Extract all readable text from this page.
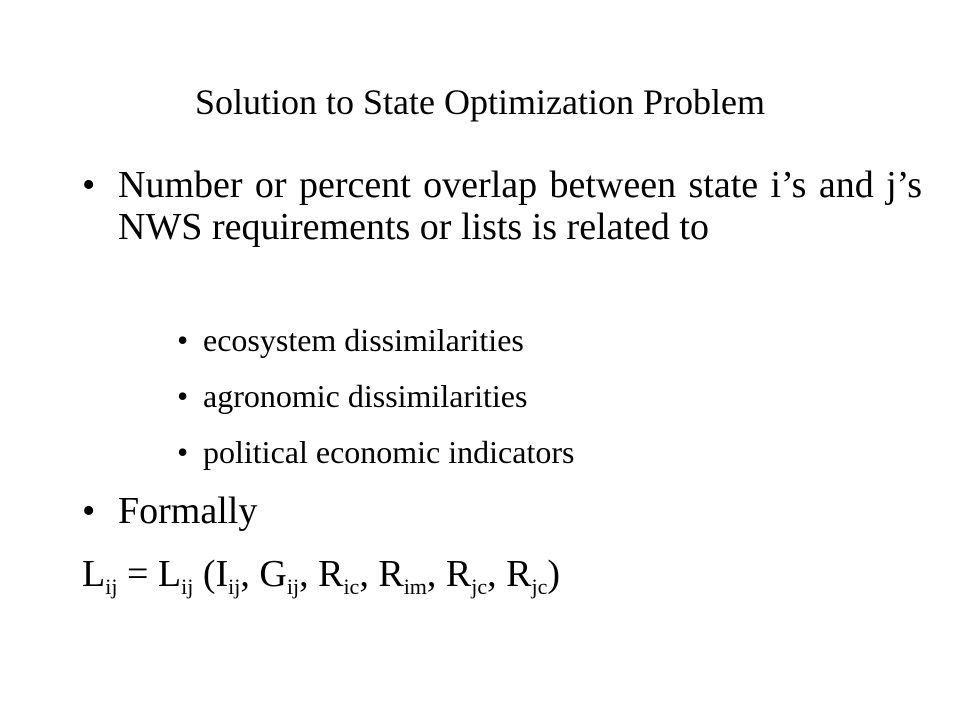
Solution to State Optimization Problem
• Number or percent overlap between state i’s and j’s NWS requirements or lists is related to
• ecosystem dissimilarities
• agronomic dissimilarities
• political economic indicators
• Formally
$L_{ij} = L_{ij}$ ($I_{ij}$, $G_{ij}$, $R_{ic}$, $R_{im}$, $R_{jc}$, $R_{jc}$)
